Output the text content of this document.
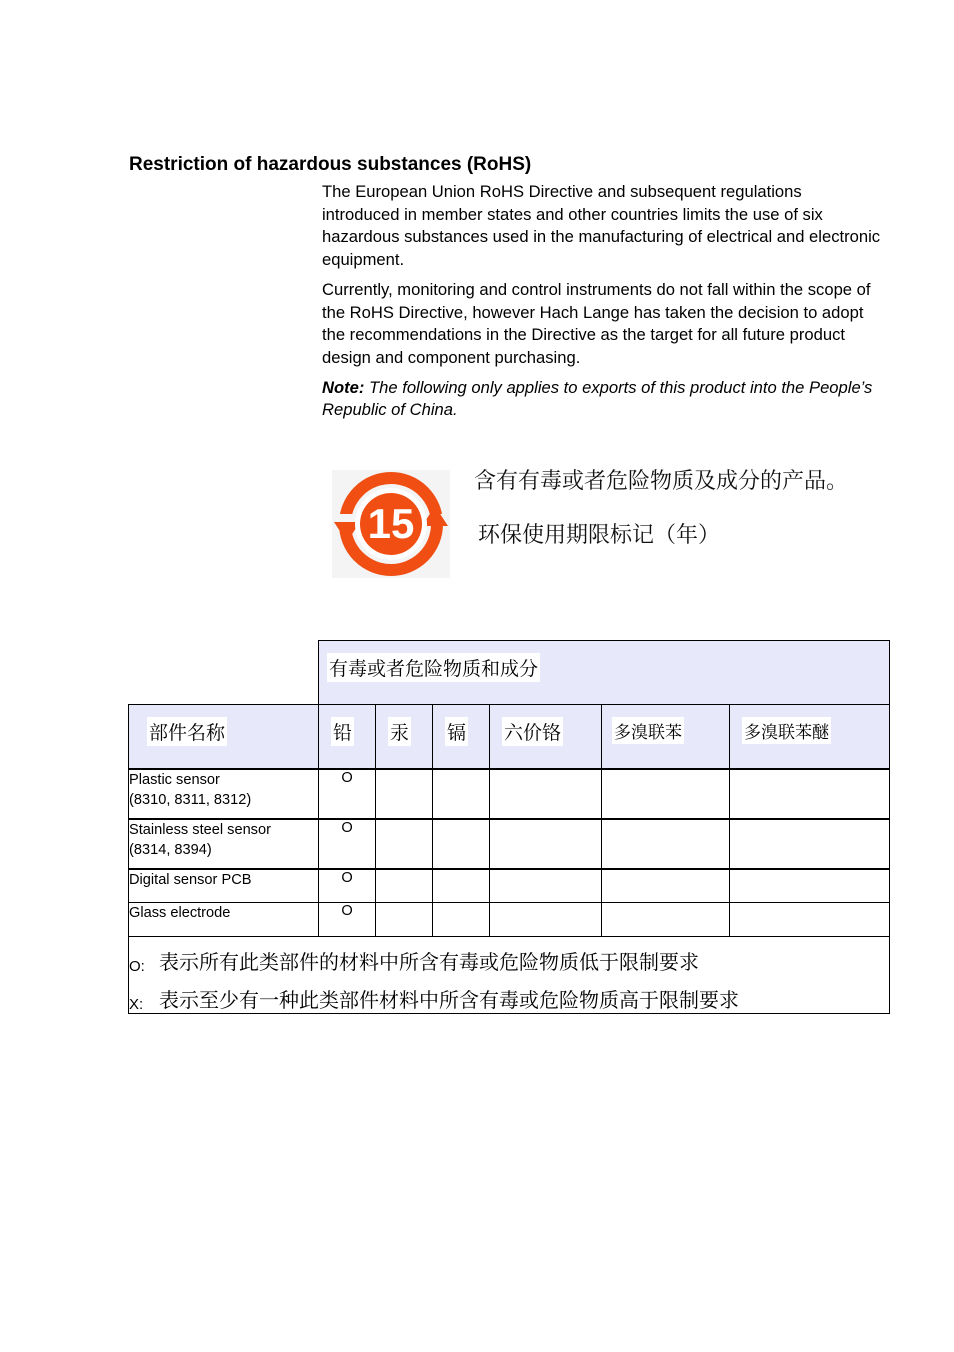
Restriction of hazardous substances (RoHS)

The European Union RoHS Directive and subsequent regulations introduced in member states and other countries limits the use of six hazardous substances used in the manufacturing of electrical and electronic equipment.

Currently, monitoring and control instruments do not fall within the scope of the RoHS Directive, however Hach Lange has taken the decision to adopt the recommendations in the Directive as the target for all future product design and component purchasing.

Note: The following only applies to exports of this product into the People’s Republic of China.

15
含有有毒或者危险物质及成分的产品。
环保使用期限标记（年）
	有毒或者危险物质和成分					
部件名称	铅	汞	镉	六价铬	多溴联苯	多溴联苯醚
Plastic sensor
(8310, 8311, 8312)	O					
Stainless steel sensor
(8314, 8394)	O					
Digital sensor PCB	O					
Glass electrode	O					

O: 表示所有此类部件的材料中所含有毒或危险物质低于限制要求
X: 表示至少有一种此类部件材料中所含有毒或危险物质高于限制要求						
